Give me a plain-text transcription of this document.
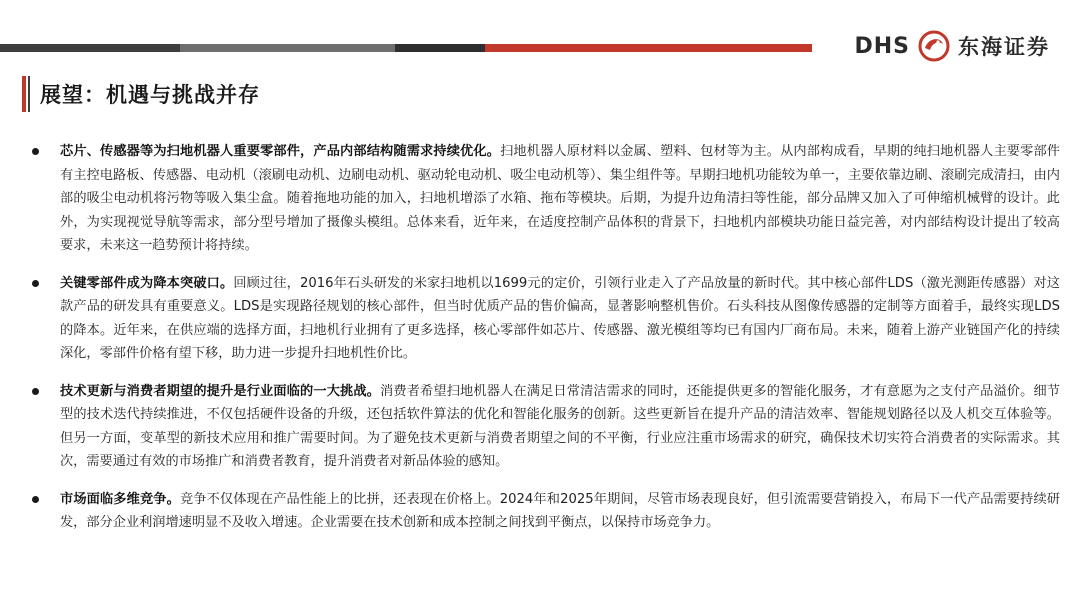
DHS 东海证券
展望：机遇与挑战并存
芯片、传感器等为扫地机器人重要零部件，产品内部结构随需求持续优化。扫地机器人原材料以金属、塑料、包材等为主。从内部构成看，早期的纯扫地机器人主要零部件有主控电路板、传感器、电动机（滚刷电动机、边刷电动机、驱动轮电动机、吸尘电动机等）、集尘组件等。早期扫地机功能较为单一，主要依靠边刷、滚刷完成清扫，由内部的吸尘电动机将污物等吸入集尘盒。随着拖地功能的加入，扫地机增添了水箱、拖布等模块。后期，为提升边角清扫等性能，部分品牌又加入了可伸缩机械臂的设计。此外，为实现视觉导航等需求，部分型号增加了摄像头模组。总体来看，近年来，在适度控制产品体积的背景下，扫地机内部模块功能日益完善，对内部结构设计提出了较高要求，未来这一趋势预计将持续。
关键零部件成为降本突破口。回顾过往，2016年石头研发的米家扫地机以1699元的定价，引领行业走入了产品放量的新时代。其中核心部件LDS（激光测距传感器）对这款产品的研发具有重要意义。LDS是实现路径规划的核心部件，但当时优质产品的售价偏高，显著影响整机售价。石头科技从图像传感器的定制等方面着手，最终实现LDS的降本。近年来，在供应端的选择方面，扫地机行业拥有了更多选择，核心零部件如芯片、传感器、激光模组等均已有国内厂商布局。未来，随着上游产业链国产化的持续深化，零部件价格有望下移，助力进一步提升扫地机性价比。
技术更新与消费者期望的提升是行业面临的一大挑战。消费者希望扫地机器人在满足日常清洁需求的同时，还能提供更多的智能化服务，才有意愿为之支付产品溢价。细节型的技术迭代持续推进，不仅包括硬件设备的升级，还包括软件算法的优化和智能化服务的创新。这些更新旨在提升产品的清洁效率、智能规划路径以及人机交互体验等。但另一方面，变革型的新技术应用和推广需要时间。为了避免技术更新与消费者期望之间的不平衡，行业应注重市场需求的研究，确保技术切实符合消费者的实际需求。其次，需要通过有效的市场推广和消费者教育，提升消费者对新品体验的感知。
市场面临多维竞争。竞争不仅体现在产品性能上的比拼，还表现在价格上。2024年和2025年期间，尽管市场表现良好，但引流需要营销投入，布局下一代产品需要持续研发，部分企业利润增速明显不及收入增速。企业需要在技术创新和成本控制之间找到平衡点，以保持市场竞争力。
